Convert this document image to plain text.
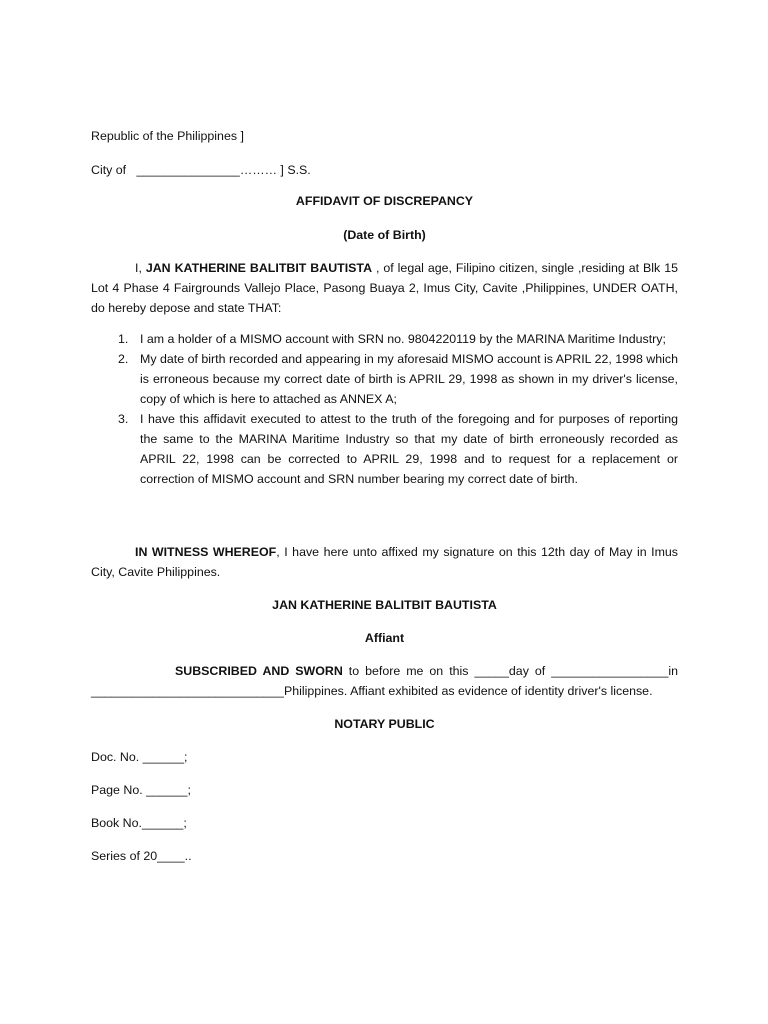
Republic of the Philippines ]
City of _______________……… ] S.S.
AFFIDAVIT OF DISCREPANCY
(Date of Birth)
I, JAN KATHERINE BALITBIT BAUTISTA , of legal age, Filipino citizen, single ,residing at Blk 15 Lot 4 Phase 4 Fairgrounds Vallejo Place, Pasong Buaya 2, Imus City, Cavite ,Philippines, UNDER OATH, do hereby depose and state THAT:
1. I am a holder of a MISMO account with SRN no. 9804220119 by the MARINA Maritime Industry;
2. My date of birth recorded and appearing in my aforesaid MISMO account is APRIL 22, 1998 which is erroneous because my correct date of birth is APRIL 29, 1998 as shown in my driver's license, copy of which is here to attached as ANNEX A;
3. I have this affidavit executed to attest to the truth of the foregoing and for purposes of reporting the same to the MARINA Maritime Industry so that my date of birth erroneously recorded as APRIL 22, 1998 can be corrected to APRIL 29, 1998 and to request for a replacement or correction of MISMO account and SRN number bearing my correct date of birth.
IN WITNESS WHEREOF, I have here unto affixed my signature on this 12th day of May in Imus City, Cavite Philippines.
JAN KATHERINE BALITBIT BAUTISTA
Affiant
SUBSCRIBED AND SWORN to before me on this _____day of _________________in ____________________________Philippines. Affiant exhibited as evidence of identity driver's license.
NOTARY PUBLIC
Doc. No. ______;
Page No. ______;
Book No.______;
Series of 20____..
